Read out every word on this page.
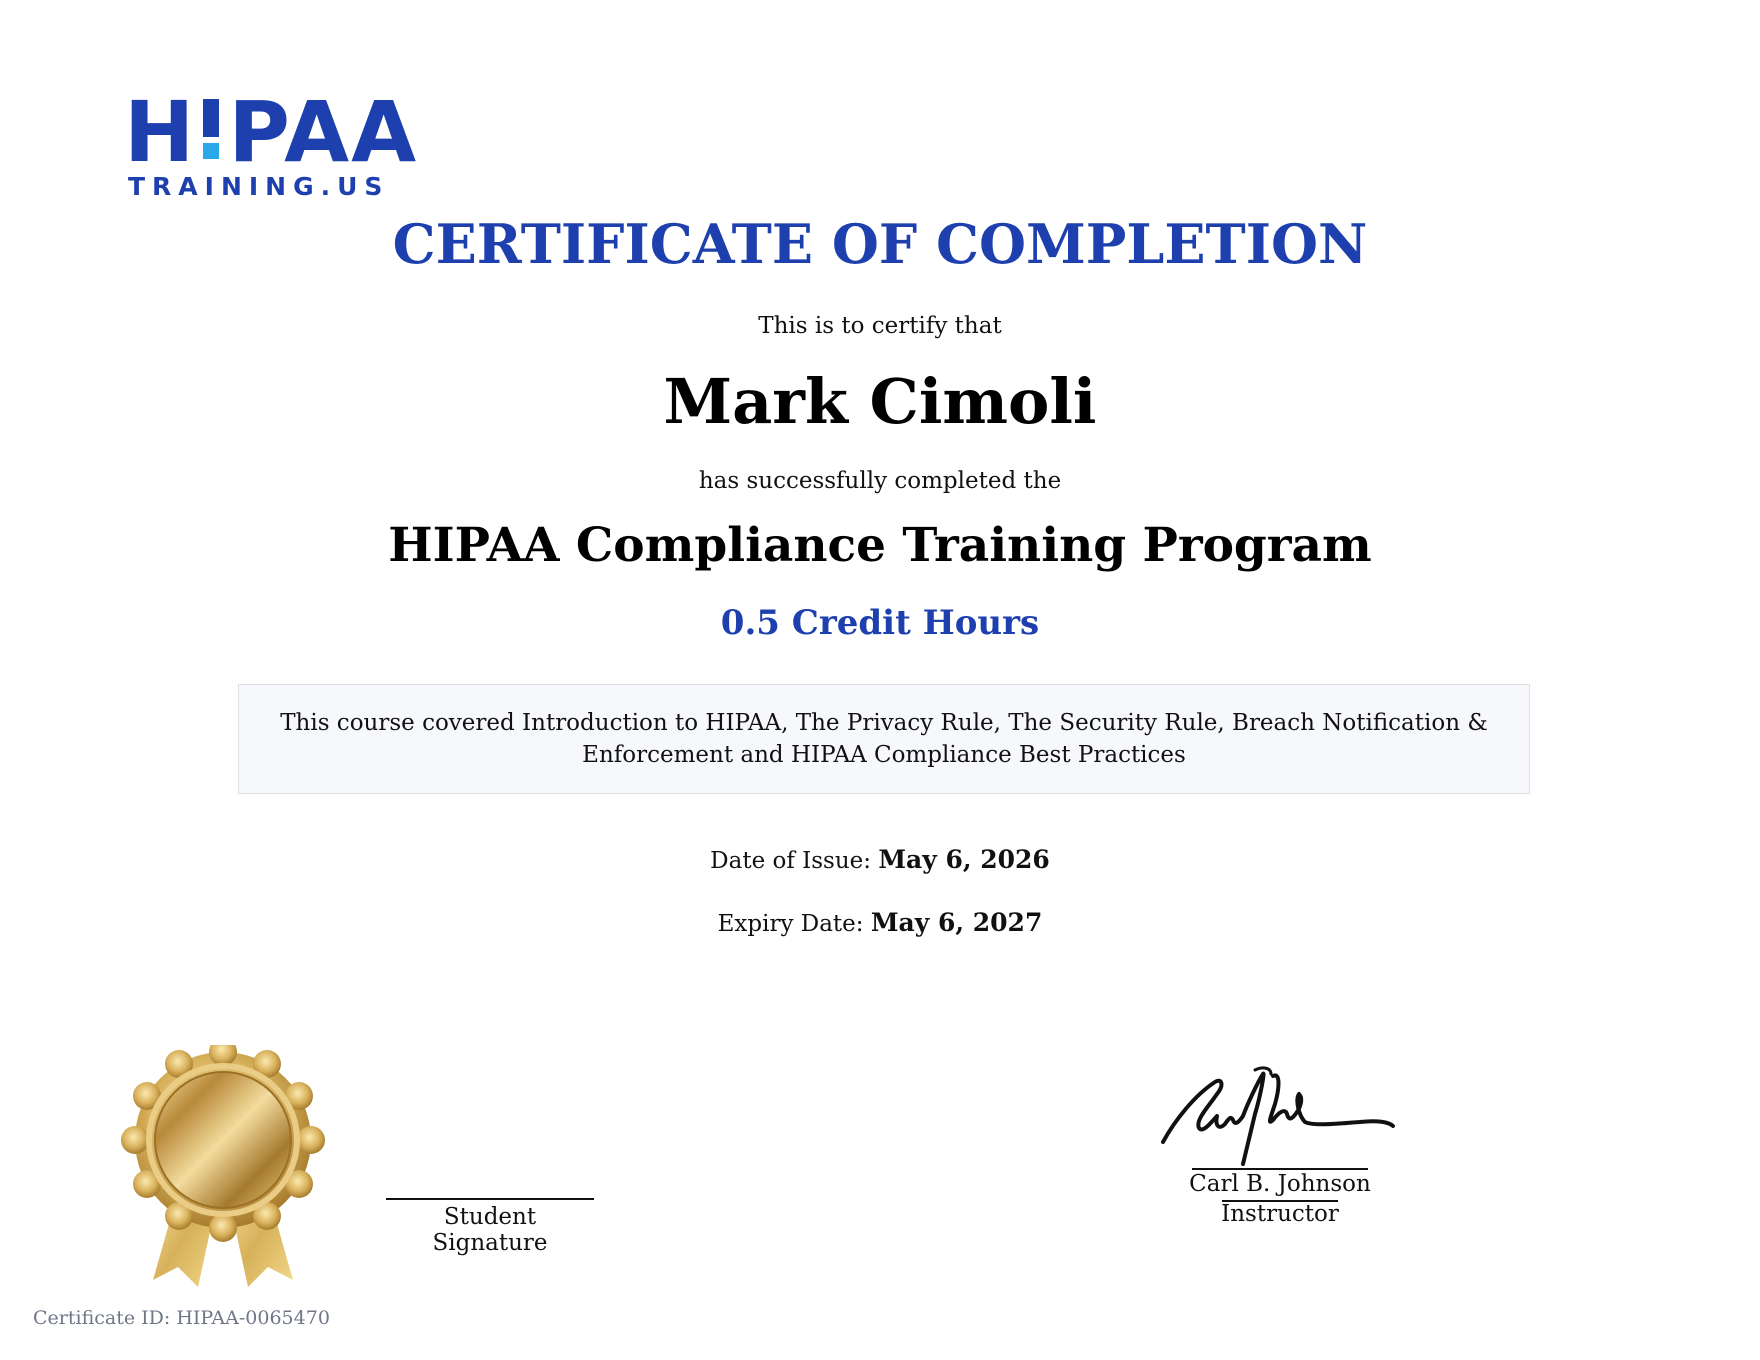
H PAA
TRAINING.US
CERTIFICATE OF COMPLETION
This is to certify that
Mark Cimoli
has successfully completed the
HIPAA Compliance Training Program
0.5 Credit Hours
This course covered Introduction to HIPAA, The Privacy Rule, The Security Rule, Breach Notification & Enforcement and HIPAA Compliance Best Practices
Date of Issue: May 6, 2026
Expiry Date: May 6, 2027
Student Signature
Carl B. Johnson
Instructor
Certificate ID: HIPAA-0065470
